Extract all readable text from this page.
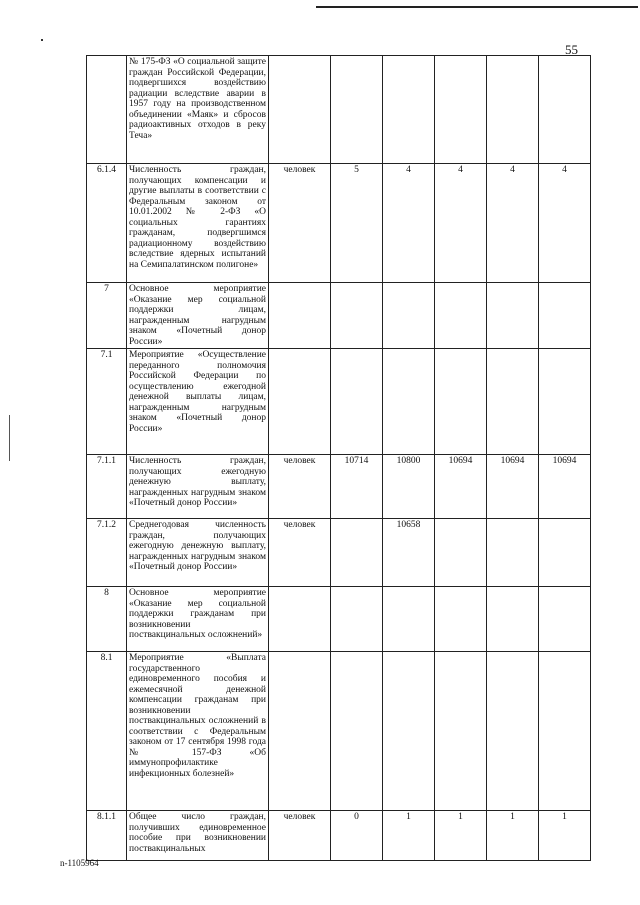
55
	№ 175-ФЗ «О социальной защите граждан Российской Федерации, подвергшихся воздействию радиации вследствие аварии в 1957 году на производственном объединении «Маяк» и сбросов радиоактивных отходов в реку Теча»						
6.1.4	Численность граждан, получающих компенсации и другие выплаты в соответствии с Федеральным законом от 10.01.2002 № 2-ФЗ «О социальных гарантиях гражданам, подвергшимся радиационному воздействию вследствие ядерных испытаний на Семипалатинском полигоне»	человек	5	4	4	4	4
7	Основное мероприятие «Оказание мер социальной поддержки лицам, награжденным нагрудным знаком «Почетный донор России»						
7.1	Мероприятие «Осуществление переданного полномочия Российской Федерации по осуществлению ежегодной денежной выплаты лицам, награжденным нагрудным знаком «Почетный донор России»						
7.1.1	Численность граждан, получающих ежегодную денежную выплату, награжденных нагрудным знаком «Почетный донор России»	человек	10714	10800	10694	10694	10694
7.1.2	Среднегодовая численность граждан, получающих ежегодную денежную выплату, награжденных нагрудным знаком «Почетный донор России»	человек		10658			
8	Основное мероприятие «Оказание мер социальной поддержки гражданам при возникновении поствакцинальных осложнений»						
8.1	Мероприятие «Выплата государственного единовременного пособия и ежемесячной денежной компенсации гражданам при возникновении поствакцинальных осложнений в соответствии с Федеральным законом от 17 сентября 1998 года № 157-ФЗ «Об иммунопрофилактике инфекционных болезней»						
8.1.1	Общее число граждан, получивших единовременное пособие при возникновении поствакцинальных	человек	0	1	1	1	1
n-1105964
